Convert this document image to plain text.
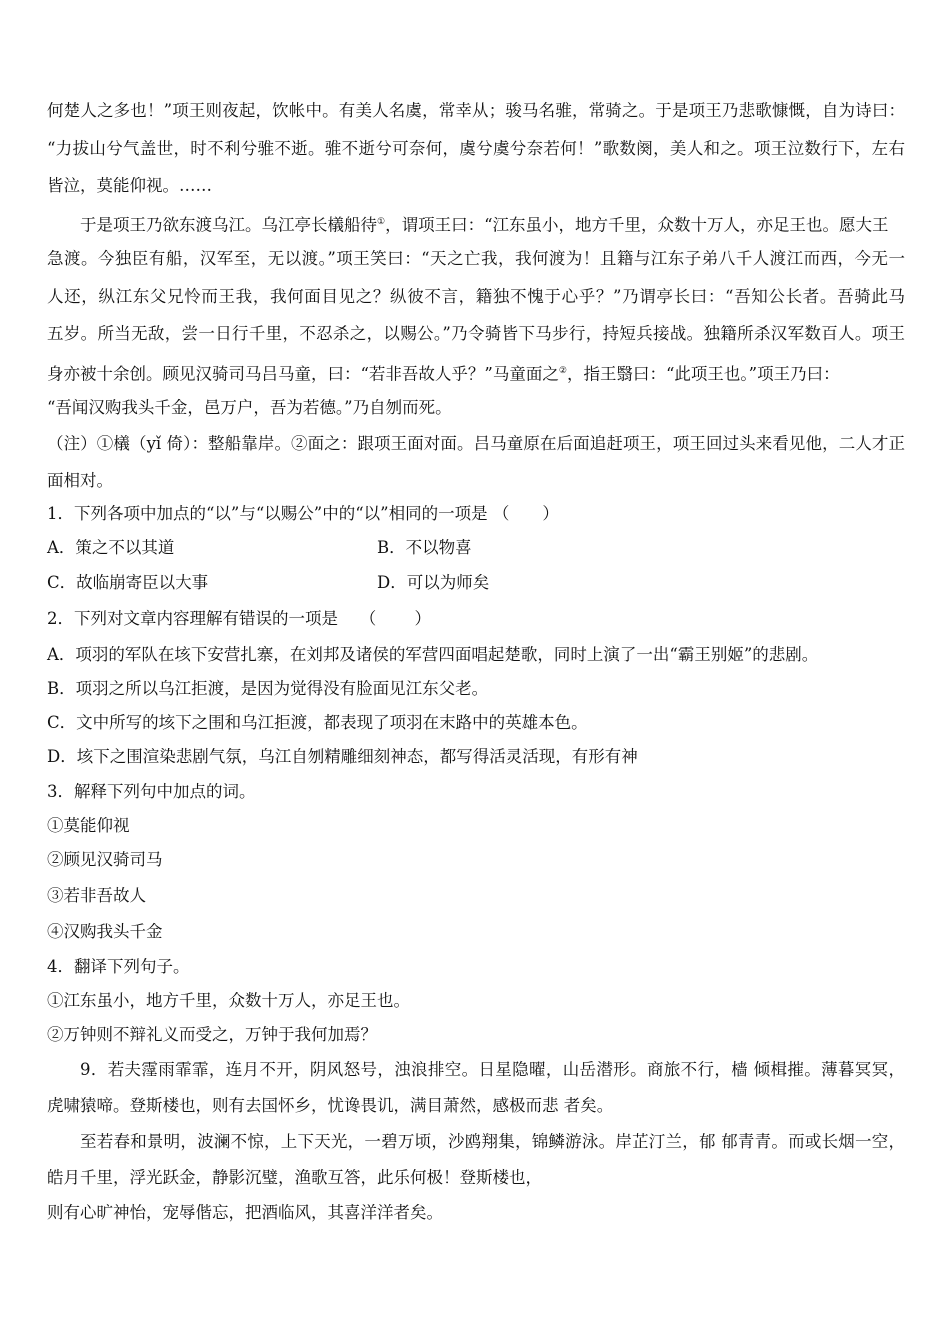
何楚人之多也！”项王则夜起，饮帐中。有美人名虞，常幸从；骏马名骓，常骑之。于是项王乃悲歌慷慨，自为诗曰：
“力拔山兮气盖世，时不利兮骓不逝。骓不逝兮可奈何，虞兮虞兮奈若何！”歌数阕，美人和之。项王泣数行下，左右
皆泣，莫能仰视。……
于是项王乃欲东渡乌江。乌江亭长檥船待①，谓项王曰：“江东虽小，地方千里，众数十万人，亦足王也。愿大王
急渡。今独臣有船，汉军至，无以渡。”项王笑曰：“天之亡我，我何渡为！且籍与江东子弟八千人渡江而西，今无一
人还，纵江东父兄怜而王我，我何面目见之？纵彼不言，籍独不愧于心乎？”乃谓亭长曰：“吾知公长者。吾骑此马
五岁。所当无敌，尝一日行千里，不忍杀之，以赐公。”乃令骑皆下马步行，持短兵接战。独籍所杀汉军数百人。项王
身亦被十余创。顾见汉骑司马吕马童，曰：“若非吾故人乎？”马童面之②，指王翳曰：“此项王也。”项王乃曰：
“吾闻汉购我头千金，邑万户，吾为若德。”乃自刎而死。
（注）①檥（yǐ 倚）：整船靠岸。②面之：跟项王面对面。吕马童原在后面追赶项王，项王回过头来看见他，二人才正
面相对。
1．下列各项中加点的“以”与“以赐公”中的“以”相同的一项是 （　　）
A．策之不以其道	B．不以物喜
C．故临崩寄臣以大事	D．可以为师矣
2．下列对文章内容理解有错误的一项是　 （　　 ）
A．项羽的军队在垓下安营扎寨，在刘邦及诸侯的军营四面唱起楚歌，同时上演了一出“霸王别姬”的悲剧。
B．项羽之所以乌江拒渡，是因为觉得没有脸面见江东父老。
C．文中所写的垓下之围和乌江拒渡，都表现了项羽在末路中的英雄本色。
D．垓下之围渲染悲剧气氛，乌江自刎精雕细刻神态，都写得活灵活现，有形有神
3．解释下列句中加点的词。
①莫能仰视
②顾见汉骑司马
③若非吾故人
④汉购我头千金
4．翻译下列句子。
①江东虽小，地方千里，众数十万人，亦足王也。
②万钟则不辩礼义而受之，万钟于我何加焉？
9．若夫霪雨霏霏，连月不开，阴风怒号，浊浪排空。日星隐曜，山岳潜形。商旅不行，樯 倾楫摧。薄暮冥冥，
虎啸猿啼。登斯楼也，则有去国怀乡，忧谗畏讥，满目萧然，感极而悲 者矣。
至若春和景明，波澜不惊，上下天光，一碧万顷，沙鸥翔集，锦鳞游泳。岸芷汀兰，郁 郁青青。而或长烟一空，
皓月千里，浮光跃金，静影沉璧，渔歌互答，此乐何极！登斯楼也，
则有心旷神怡，宠辱偕忘，把酒临风，其喜洋洋者矣。
